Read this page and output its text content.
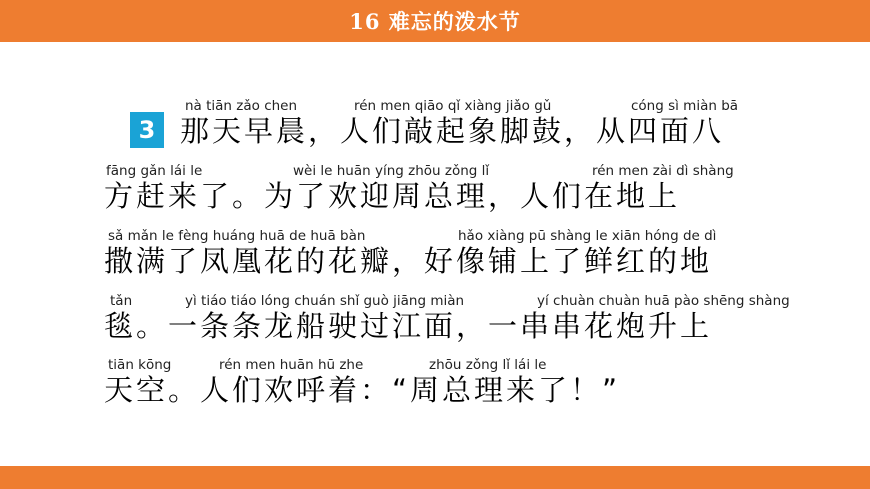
16 难忘的泼水节
3
nà tiān zǎo chen	rén men qiāo qǐ xiàng jiǎo gǔ	cóng sì miàn bā
那天早晨，人们敲起象脚鼓，从四面八
fāng gǎn lái le	wèi le huān yíng zhōu zǒng lǐ	rén men zài dì shàng
方赶来了。为了欢迎周总理，人们在地上
sǎ mǎn le fèng huáng huā de huā bàn	hǎo xiàng pū shàng le xiān hóng de dì
撒满了凤凰花的花瓣，好像铺上了鲜红的地
tǎn	yì tiáo tiáo lóng chuán shǐ guò jiāng miàn	yí chuàn chuàn huā pào shēng shàng
毯。一条条龙船驶过江面，一串串花炮升上
tiān kōng	rén men huān hū zhe	zhōu zǒng lǐ lái le
天空。人们欢呼着：“周总理来了！”
